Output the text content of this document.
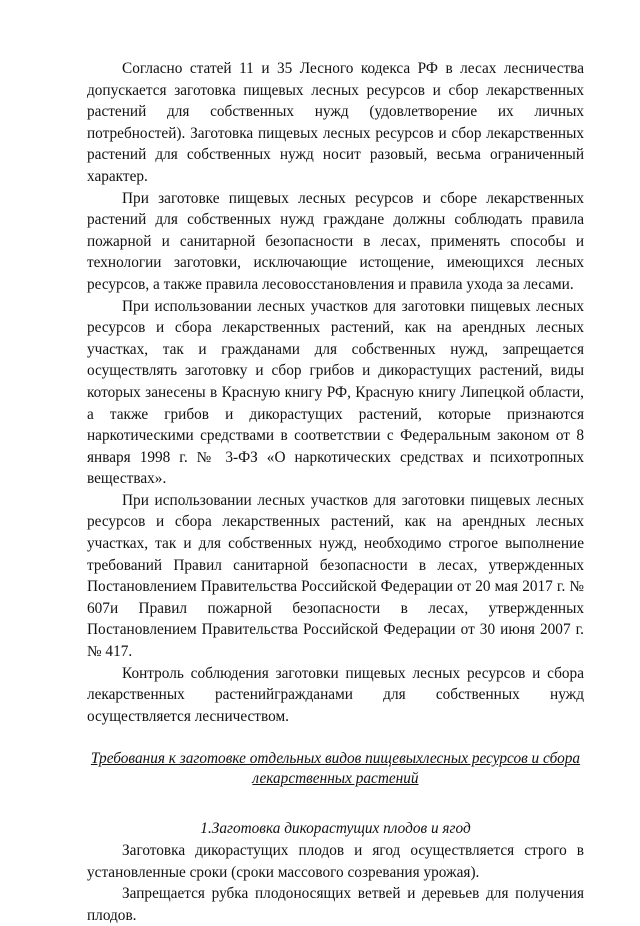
Согласно статей 11 и 35 Лесного кодекса РФ в лесах лесничества допускается заготовка пищевых лесных ресурсов и сбор лекарственных растений для собственных нужд (удовлетворение их личных потребностей). Заготовка пищевых лесных ресурсов и сбор лекарственных растений для собственных нужд носит разовый, весьма ограниченный характер.

При заготовке пищевых лесных ресурсов и сборе лекарственных растений для собственных нужд граждане должны соблюдать правила пожарной и санитарной безопасности в лесах, применять способы и технологии заготовки, исключающие истощение, имеющихся лесных ресурсов, а также правила лесовосстановления и правила ухода за лесами.

При использовании лесных участков для заготовки пищевых лесных ресурсов и сбора лекарственных растений, как на арендных лесных участках, так и гражданами для собственных нужд, запрещается осуществлять заготовку и сбор грибов и дикорастущих растений, виды которых занесены в Красную книгу РФ, Красную книгу Липецкой области, а также грибов и дикорастущих растений, которые признаются наркотическими средствами в соответствии с Федеральным законом от 8 января 1998 г. № 3-ФЗ «О наркотических средствах и психотропных веществах».

При использовании лесных участков для заготовки пищевых лесных ресурсов и сбора лекарственных растений, как на арендных лесных участках, так и для собственных нужд, необходимо строгое выполнение требований Правил санитарной безопасности в лесах, утвержденных Постановлением Правительства Российской Федерации от 20 мая 2017 г. № 607и Правил пожарной безопасности в лесах, утвержденных Постановлением Правительства Российской Федерации от 30 июня 2007 г. № 417.

Контроль соблюдения заготовки пищевых лесных ресурсов и сбора лекарственных растенийгражданами для собственных нужд осуществляется лесничеством.

Требования к заготовке отдельных видов пищевыхлесных ресурсов и сбора лекарственных растений

1.Заготовка дикорастущих плодов и ягод

Заготовка дикорастущих плодов и ягод осуществляется строго в установленные сроки (сроки массового созревания урожая).

Запрещается рубка плодоносящих ветвей и деревьев для получения плодов.
